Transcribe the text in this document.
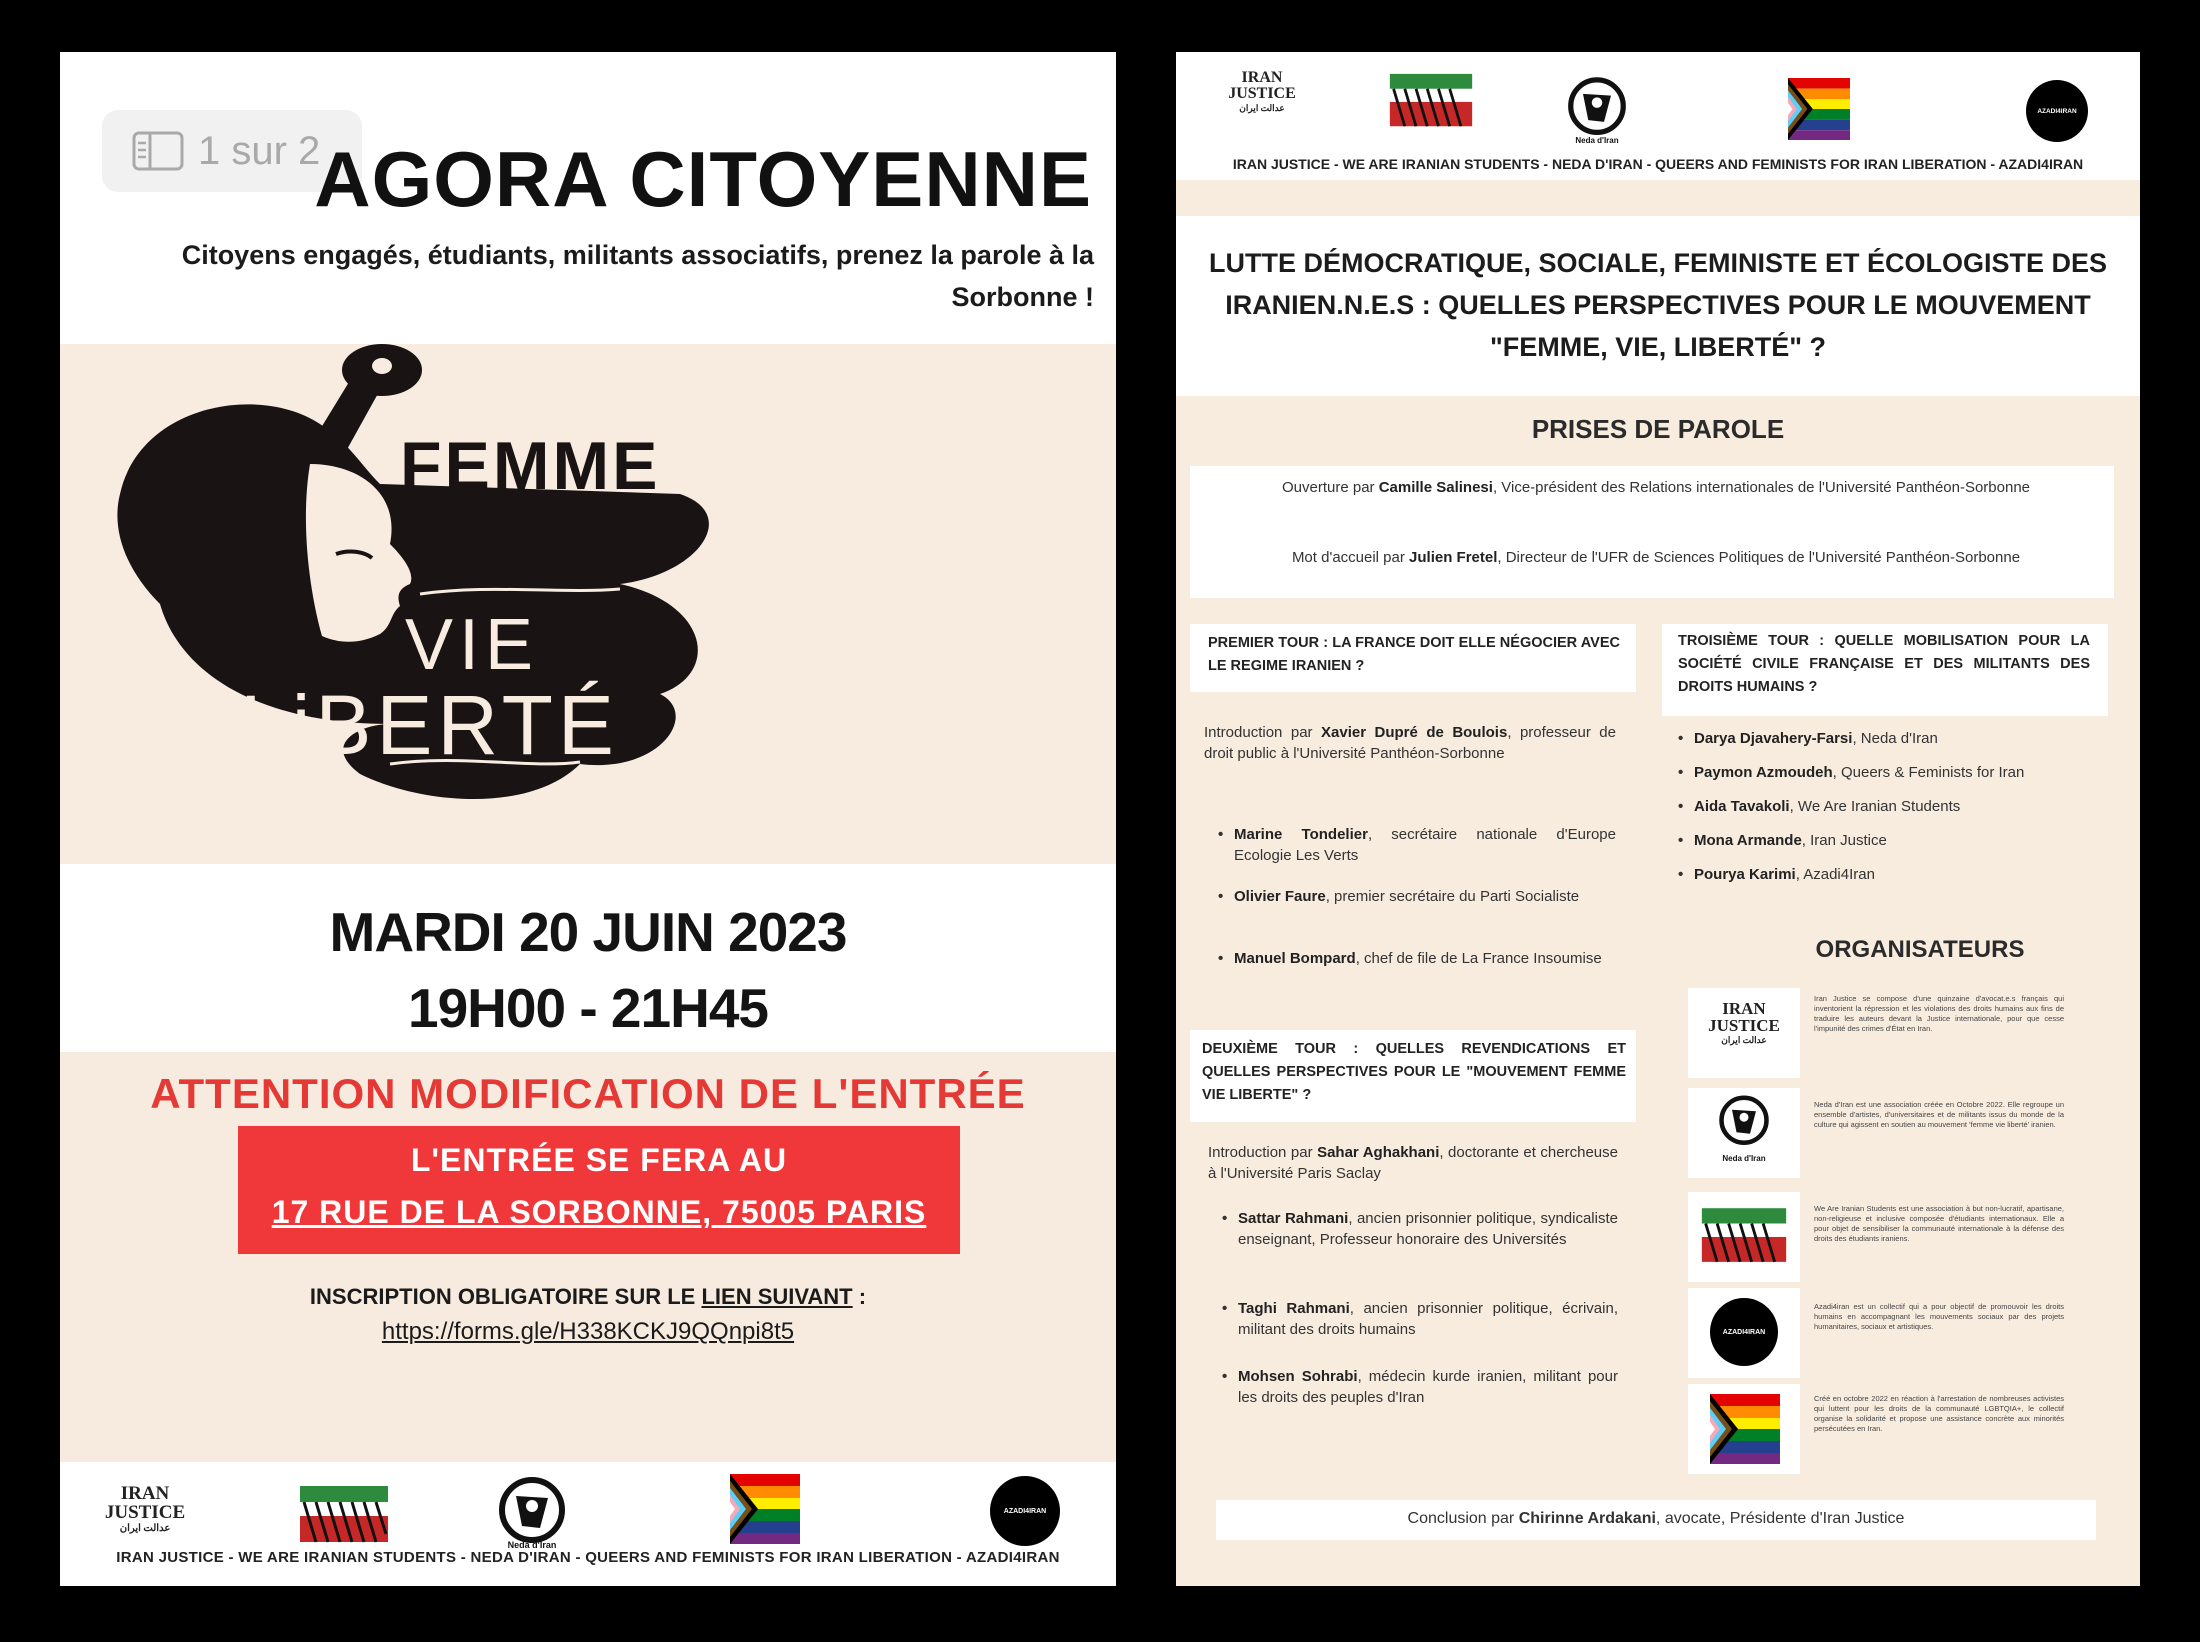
1 sur 2
AGORA CITOYENNE
Citoyens engagés, étudiants, militants associatifs, prenez la parole à la Sorbonne !
FEMME
VIE
LiBERTÉ
MARDI 20 JUIN 2023
19H00 - 21H45
ATTENTION MODIFICATION DE L'ENTRÉE
L'ENTRÉE SE FERA AU
17 RUE DE LA SORBONNE, 75005 PARIS
INSCRIPTION OBLIGATOIRE SUR LE LIEN SUIVANT :
https://forms.gle/H338KCKJ9QQnpi8t5
IRAN
JUSTICE
عدالت ایران
Neda d'Iran
AZADI4IRAN
IRAN JUSTICE - WE ARE IRANIAN STUDENTS - NEDA D'IRAN - QUEERS AND FEMINISTS FOR IRAN LIBERATION - AZADI4IRAN
IRAN
JUSTICE
عدالت ایران
Neda d'Iran
AZADI4IRAN
IRAN JUSTICE - WE ARE IRANIAN STUDENTS - NEDA D'IRAN - QUEERS AND FEMINISTS FOR IRAN LIBERATION - AZADI4IRAN
LUTTE DÉMOCRATIQUE, SOCIALE, FEMINISTE ET ÉCOLOGISTE DES IRANIEN.N.E.S : QUELLES PERSPECTIVES POUR LE MOUVEMENT "FEMME, VIE, LIBERTÉ" ?
PRISES DE PAROLE
Ouverture par Camille Salinesi, Vice-président des Relations internationales de l'Université Panthéon-Sorbonne
Mot d'accueil par Julien Fretel, Directeur de l'UFR de Sciences Politiques de l'Université Panthéon-Sorbonne
PREMIER TOUR : LA FRANCE DOIT ELLE NÉGOCIER AVEC LE REGIME IRANIEN ?
Introduction par Xavier Dupré de Boulois, professeur de droit public à l'Université Panthéon-Sorbonne
• Marine Tondelier, secrétaire nationale d'Europe Ecologie Les Verts
• Olivier Faure, premier secrétaire du Parti Socialiste
• Manuel Bompard, chef de file de La France Insoumise
DEUXIÈME TOUR : QUELLES REVENDICATIONS ET QUELLES PERSPECTIVES POUR LE "MOUVEMENT FEMME VIE LIBERTE" ?
Introduction par Sahar Aghakhani, doctorante et chercheuse à l'Université Paris Saclay
• Sattar Rahmani, ancien prisonnier politique, syndicaliste enseignant, Professeur honoraire des Universités
• Taghi Rahmani, ancien prisonnier politique, écrivain, militant des droits humains
• Mohsen Sohrabi, médecin kurde iranien, militant pour les droits des peuples d'Iran
TROISIÈME TOUR : QUELLE MOBILISATION POUR LA SOCIÉTÉ CIVILE FRANÇAISE ET DES MILITANTS DES DROITS HUMAINS ?
• Darya Djavahery-Farsi, Neda d'Iran
• Paymon Azmoudeh, Queers & Feminists for Iran
• Aida Tavakoli, We Are Iranian Students
• Mona Armande, Iran Justice
• Pourya Karimi, Azadi4Iran
ORGANISATEURS
IRAN
JUSTICE
عدالت ایران
Iran Justice se compose d'une quinzaine d'avocat.e.s français qui inventorient la répression et les violations des droits humains aux fins de traduire les auteurs devant la Justice internationale, pour que cesse l'impunité des crimes d'État en Iran.
Neda d'Iran
Neda d'Iran est une association créée en Octobre 2022. Elle regroupe un ensemble d'artistes, d'universitaires et de militants issus du monde de la culture qui agissent en soutien au mouvement 'femme vie liberté' iranien.
We Are Iranian Students est une association à but non-lucratif, apartisane, non-religieuse et inclusive composée d'étudiants internationaux. Elle a pour objet de sensibiliser la communauté internationale à la défense des droits des étudiants iraniens.
AZADI4IRAN
Azadi4iran est un collectif qui a pour objectif de promouvoir les droits humains en accompagnant les mouvements sociaux par des projets humanitaires, sociaux et artistiques.
Créé en octobre 2022 en réaction à l'arrestation de nombreuses activistes qui luttent pour les droits de la communauté LGBTQIA+, le collectif organise la solidarité et propose une assistance concrète aux minorités persécutées en Iran.
Conclusion par Chirinne Ardakani, avocate, Présidente d'Iran Justice
